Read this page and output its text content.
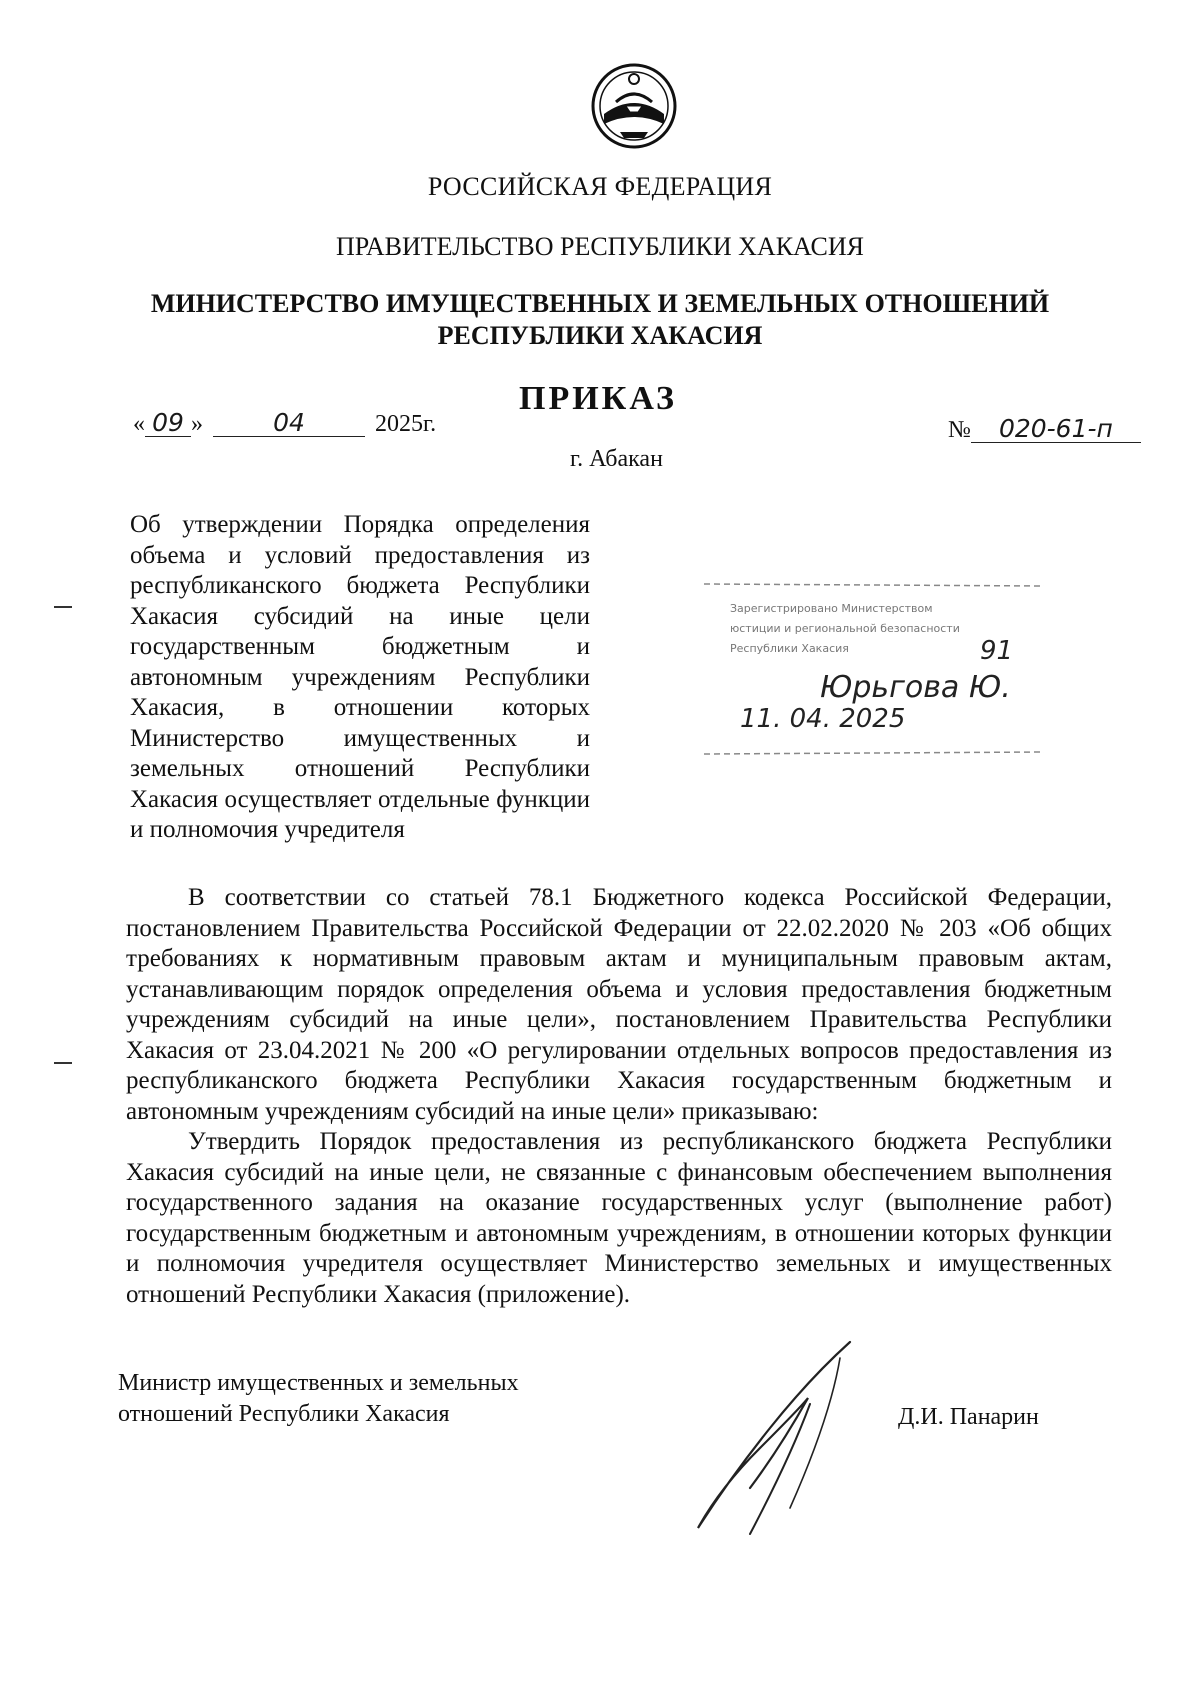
РОССИЙСКАЯ ФЕДЕРАЦИЯ
ПРАВИТЕЛЬСТВО РЕСПУБЛИКИ ХАКАСИЯ
МИНИСТЕРСТВО ИМУЩЕСТВЕННЫХ И ЗЕМЕЛЬНЫХ ОТНОШЕНИЙ
РЕСПУБЛИКИ ХАКАСИЯ
ПРИКАЗ
« 09 »	04	2025г.	№ 020-61-п
г. Абакан
Об утверждении Порядка определения объема и условий предоставления из республиканского бюджета Республики Хакасия субсидий на иные цели государственным бюджетным и автономным учреждениям Республики Хакасия, в отношении которых Министерство имущественных и земельных отношений Республики Хакасия осуществляет отдельные функции и полномочия учредителя
Зарегистрировано Министерством
юстиции и региональной безопасности
Республики Хакасия	91
Юрьгова Ю.
11. 04. 2025

В соответствии со статьей 78.1 Бюджетного кодекса Российской Федерации, постановлением Правительства Российской Федерации от 22.02.2020 № 203 «Об общих требованиях к нормативным правовым актам и муниципальным правовым актам, устанавливающим порядок определения объема и условия предоставления бюджетным учреждениям субсидий на иные цели», постановлением Правительства Республики Хакасия от 23.04.2021 № 200 «О регулировании отдельных вопросов предоставления из республиканского бюджета Республики Хакасия государственным бюджетным и автономным учреждениям субсидий на иные цели» приказываю:

Утвердить Порядок предоставления из республиканского бюджета Республики Хакасия субсидий на иные цели, не связанные с финансовым обеспечением выполнения государственного задания на оказание государственных услуг (выполнение работ) государственным бюджетным и автономным учреждениям, в отношении которых функции и полномочия учредителя осуществляет Министерство земельных и имущественных отношений Республики Хакасия (приложение).

Министр имущественных и земельных
отношений Республики Хакасия	Д.И. Панарин
